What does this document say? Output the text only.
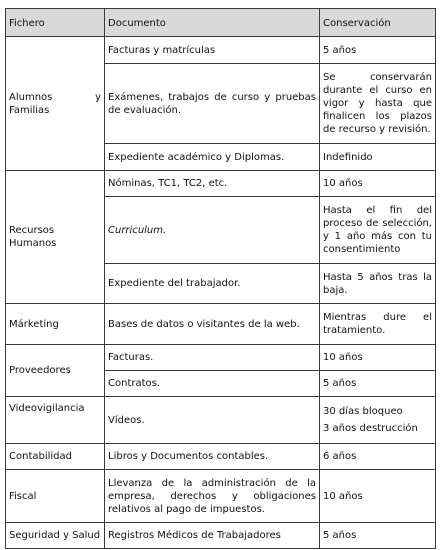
Fichero	Documento	Conservación
Alumnos y Familias	Facturas y matrículas	5 años
	Exámenes, trabajos de curso y pruebas de evaluación.	Se conservarán durante el curso en vigor y hasta que finalicen los plazos de recurso y revisión.
	Expediente académico y Diplomas.	Indefinido
Recursos Humanos	Nóminas, TC1, TC2, etc.	10 años
	Curriculum.	Hasta el fin del proceso de selección, y 1 año más con tu consentimiento
	Expediente del trabajador.	Hasta 5 años tras la baja.
Márketing	Bases de datos o visitantes de la web.	Mientras dure el tratamiento.
Proveedores	Facturas.	10 años
	Contratos.	5 años
Videovigilancia	Vídeos.	30 días bloqueo
3 años destrucción

Contabilidad	Libros y Documentos contables.	6 años
Fiscal	Llevanza de la administración de la empresa, derechos y obligaciones relativos al pago de impuestos.	10 años
Seguridad y Salud	Registros Médicos de Trabajadores	5 años
